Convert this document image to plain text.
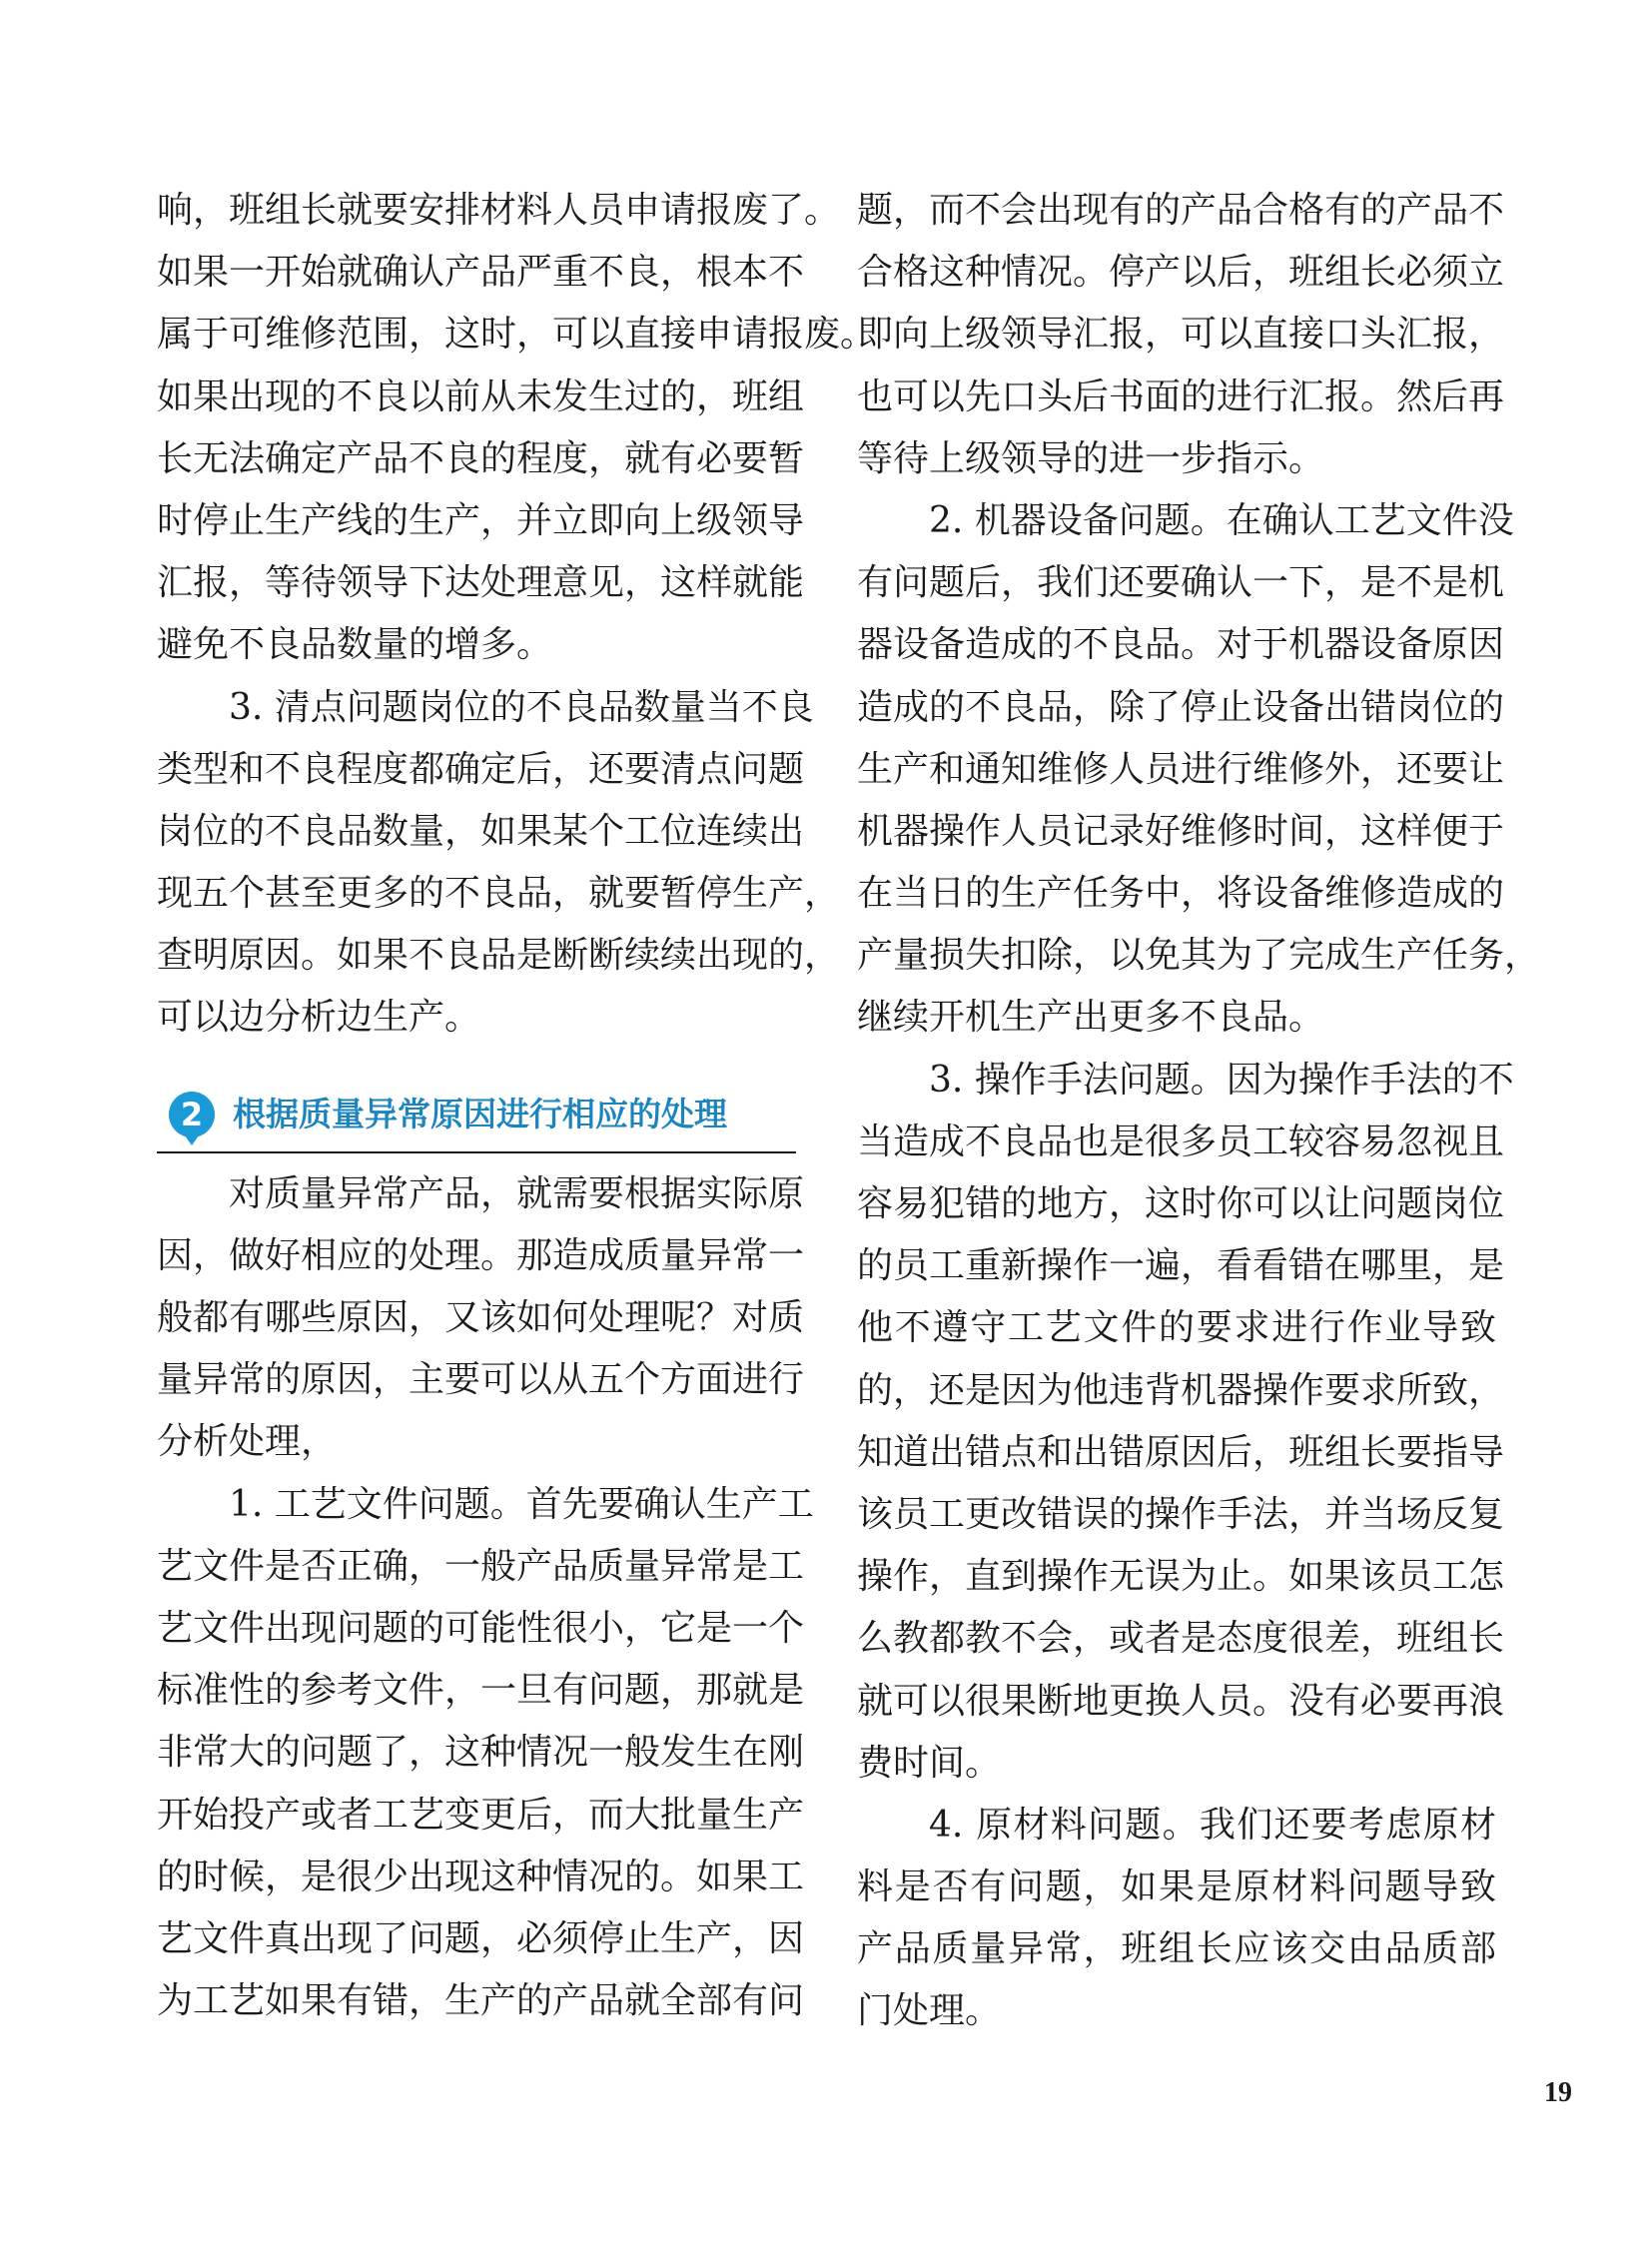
响，班组长就要安排材料人员申请报废了。
如果一开始就确认产品严重不良，根本不
属于可维修范围，这时，可以直接申请报废。
如果出现的不良以前从未发生过的，班组
长无法确定产品不良的程度，就有必要暂
时停止生产线的生产，并立即向上级领导
汇报，等待领导下达处理意见，这样就能
避免不良品数量的增多。
3. 清点问题岗位的不良品数量当不良
类型和不良程度都确定后，还要清点问题
岗位的不良品数量，如果某个工位连续出
现五个甚至更多的不良品，就要暂停生产，
查明原因。如果不良品是断断续续出现的，
可以边分析边生产。
2 根据质量异常原因进行相应的处理
对质量异常产品，就需要根据实际原
因，做好相应的处理。那造成质量异常一
般都有哪些原因，又该如何处理呢？对质
量异常的原因，主要可以从五个方面进行
分析处理，
1. 工艺文件问题。首先要确认生产工
艺文件是否正确，一般产品质量异常是工
艺文件出现问题的可能性很小，它是一个
标准性的参考文件，一旦有问题，那就是
非常大的问题了，这种情况一般发生在刚
开始投产或者工艺变更后，而大批量生产
的时候，是很少出现这种情况的。如果工
艺文件真出现了问题，必须停止生产，因
为工艺如果有错，生产的产品就全部有问
题，而不会出现有的产品合格有的产品不
合格这种情况。停产以后，班组长必须立
即向上级领导汇报，可以直接口头汇报，
也可以先口头后书面的进行汇报。然后再
等待上级领导的进一步指示。
2. 机器设备问题。在确认工艺文件没
有问题后，我们还要确认一下，是不是机
器设备造成的不良品。对于机器设备原因
造成的不良品，除了停止设备出错岗位的
生产和通知维修人员进行维修外，还要让
机器操作人员记录好维修时间，这样便于
在当日的生产任务中，将设备维修造成的
产量损失扣除，以免其为了完成生产任务，
继续开机生产出更多不良品。
3. 操作手法问题。因为操作手法的不
当造成不良品也是很多员工较容易忽视且
容易犯错的地方，这时你可以让问题岗位
的员工重新操作一遍，看看错在哪里，是
他不遵守工艺文件的要求进行作业导致
的，还是因为他违背机器操作要求所致，
知道出错点和出错原因后，班组长要指导
该员工更改错误的操作手法，并当场反复
操作，直到操作无误为止。如果该员工怎
么教都教不会，或者是态度很差，班组长
就可以很果断地更换人员。没有必要再浪
费时间。
4. 原材料问题。我们还要考虑原材
料是否有问题，如果是原材料问题导致
产品质量异常，班组长应该交由品质部
门处理。
19
